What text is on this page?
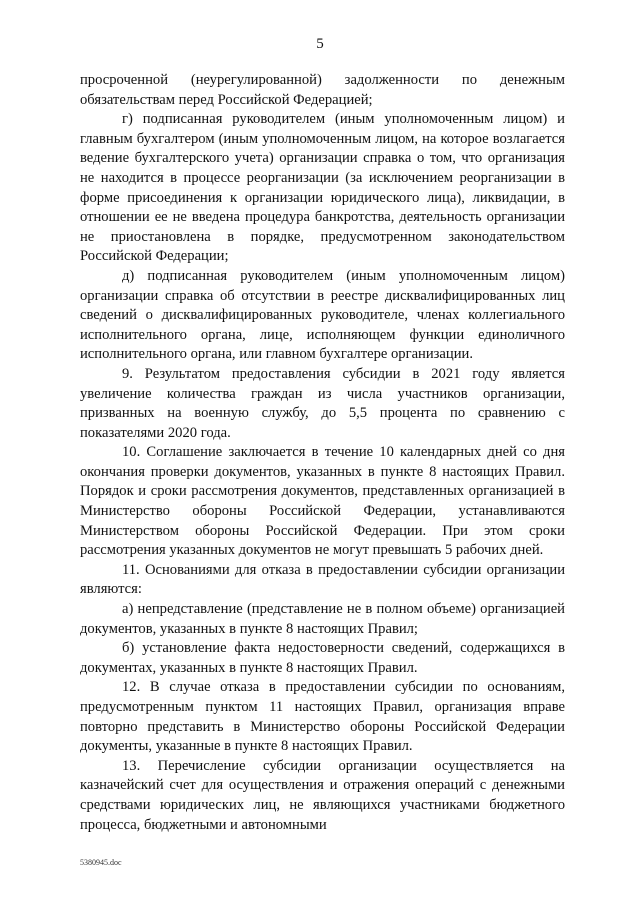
5

просроченной (неурегулированной) задолженности по денежным обязательствам перед Российской Федерацией;

г) подписанная руководителем (иным уполномоченным лицом) и главным бухгалтером (иным уполномоченным лицом, на которое возлагается ведение бухгалтерского учета) организации справка о том, что организация не находится в процессе реорганизации (за исключением реорганизации в форме присоединения к организации юридического лица), ликвидации, в отношении ее не введена процедура банкротства, деятельность организации не приостановлена в порядке, предусмотренном законодательством Российской Федерации;

д) подписанная руководителем (иным уполномоченным лицом) организации справка об отсутствии в реестре дисквалифицированных лиц сведений о дисквалифицированных руководителе, членах коллегиального исполнительного органа, лице, исполняющем функции единоличного исполнительного органа, или главном бухгалтере организации.

9. Результатом предоставления субсидии в 2021 году является увеличение количества граждан из числа участников организации, призванных на военную службу, до 5,5 процента по сравнению с показателями 2020 года.

10. Соглашение заключается в течение 10 календарных дней со дня окончания проверки документов, указанных в пункте 8 настоящих Правил. Порядок и сроки рассмотрения документов, представленных организацией в Министерство обороны Российской Федерации, устанавливаются Министерством обороны Российской Федерации. При этом сроки рассмотрения указанных документов не могут превышать 5 рабочих дней.

11. Основаниями для отказа в предоставлении субсидии организации являются:

а) непредставление (представление не в полном объеме) организацией документов, указанных в пункте 8 настоящих Правил;

б) установление факта недостоверности сведений, содержащихся в документах, указанных в пункте 8 настоящих Правил.

12. В случае отказа в предоставлении субсидии по основаниям, предусмотренным пунктом 11 настоящих Правил, организация вправе повторно представить в Министерство обороны Российской Федерации документы, указанные в пункте 8 настоящих Правил.

13. Перечисление субсидии организации осуществляется на казначейский счет для осуществления и отражения операций с денежными средствами юридических лиц, не являющихся участниками бюджетного процесса, бюджетными и автономными

5380945.doc
